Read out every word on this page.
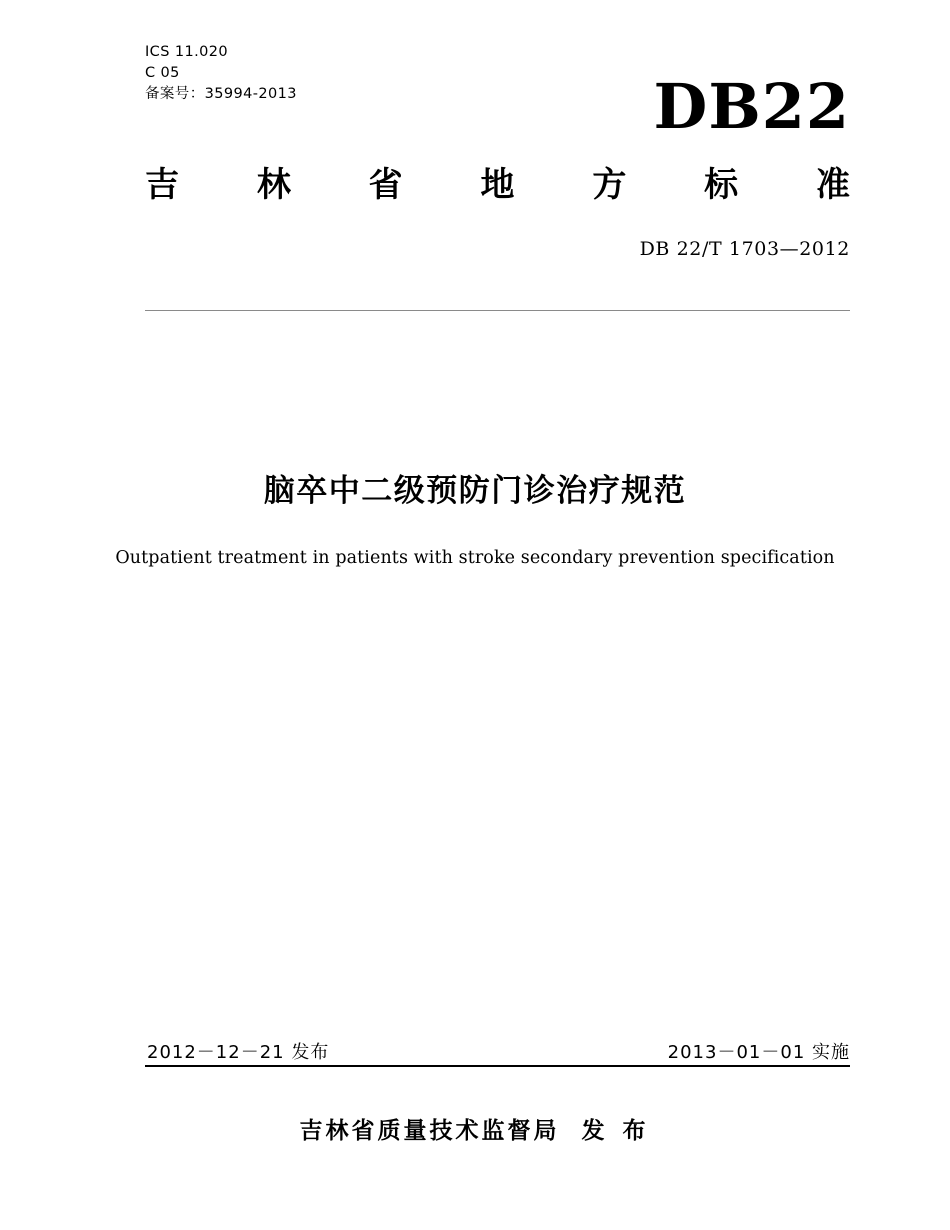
ICS 11.020
C 05
备案号：35994-2013	DB22
吉 林 省 地 方 标 准
DB 22/T 1703—2012
脑卒中二级预防门诊治疗规范
Outpatient treatment in patients with stroke secondary prevention specification
2012－12－21 发布	2013－01－01 实施
吉林省质量技术监督局 发 布
